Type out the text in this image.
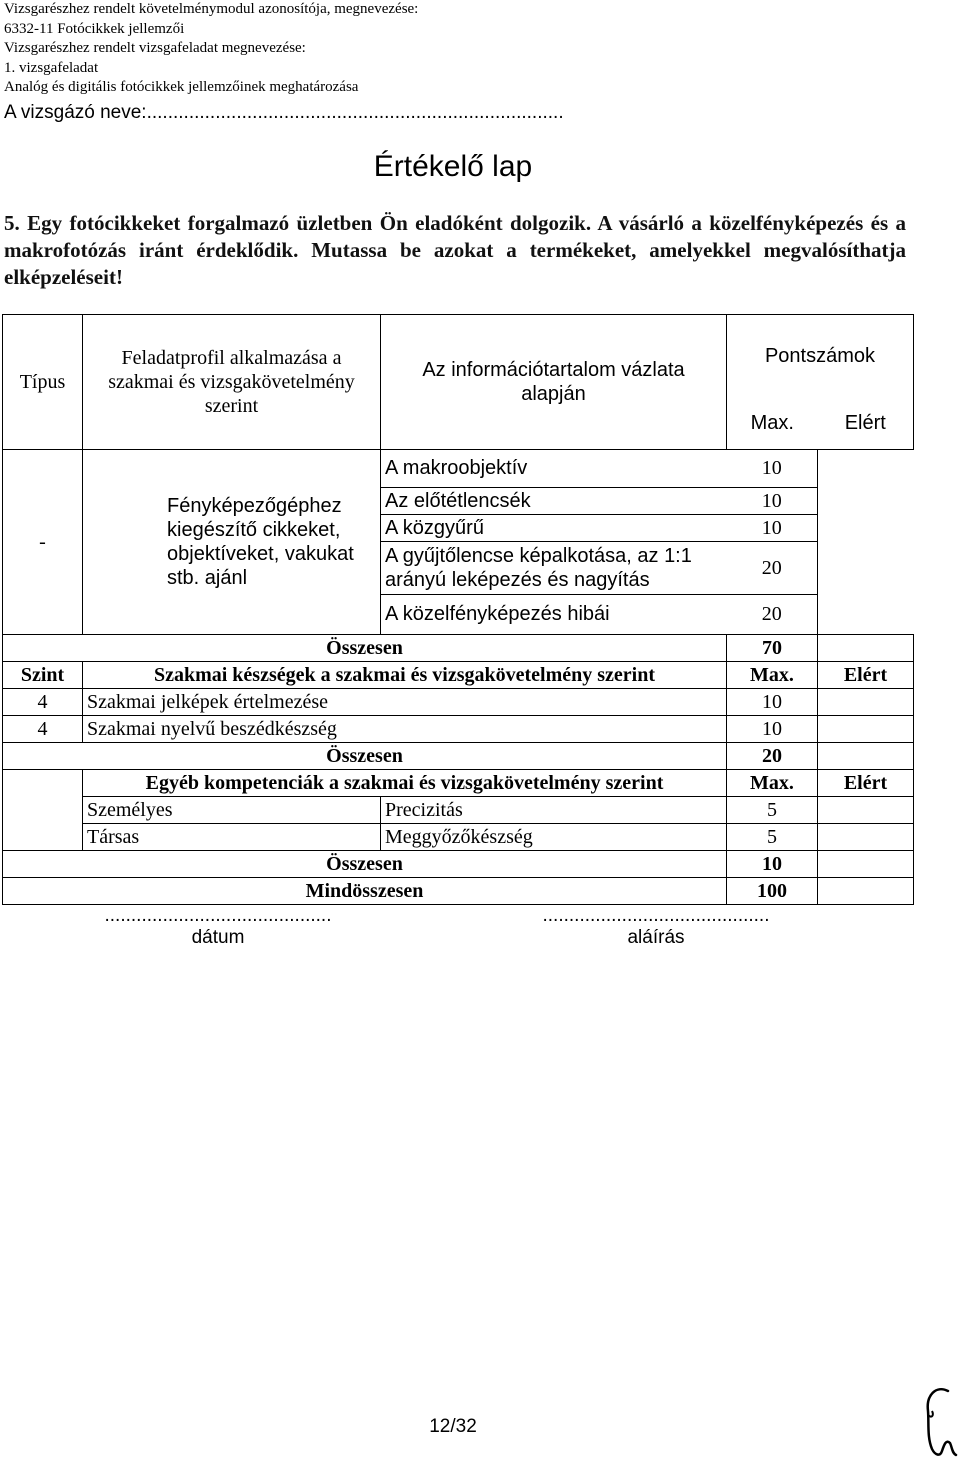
Vizsgarészhez rendelt követelménymodul azonosítója, megnevezése:
6332-11 Fotócikkek jellemzői
Vizsgarészhez rendelt vizsgafeladat megnevezése:
1. vizsgafeladat
Analóg és digitális fotócikkek jellemzőinek meghatározása
A vizsgázó neve:...............................................................................
Értékelő lap
5. Egy fotócikkeket forgalmazó üzletben Ön eladóként dolgozik. A vásárló a közelfényképezés és a makrofotózás iránt érdeklődik. Mutassa be azokat a termékeket, amelyekkel megvalósíthatja elképzeléseit!
Típus	Feladatprofil alkalmazása a szakmai és vizsgakövetelmény szerint	Az információtartalom vázlata alapján	Pontszámok	
			Max.	Elért
-	Fényképezőgéphez kiegészítő cikkeket, objektíveket, vakukat stb. ajánl	A makroobjektív	10	
		Az előtétlencsék	10	
		A közgyűrű	10	
		A gyűjtőlencse képalkotása, az 1:1 arányú leképezés és nagyítás	20	
		A közelfényképezés hibái	20	
Összesen			70	
Szint	Szakmai készségek a szakmai és vizsgakövetelmény szerint		Max.	Elért
4	Szakmai jelképek értelmezése		10	
4	Szakmai nyelvű beszédkészség		10	
Összesen			20	
	Egyéb kompetenciák a szakmai és vizsgakövetelmény szerint		Max.	Elért
	Személyes	Precizitás	5	
	Társas	Meggyőzőkészség	5	
Összesen			10	
Mindösszesen			100	
...........................................
dátum
...........................................
aláírás
12/32
